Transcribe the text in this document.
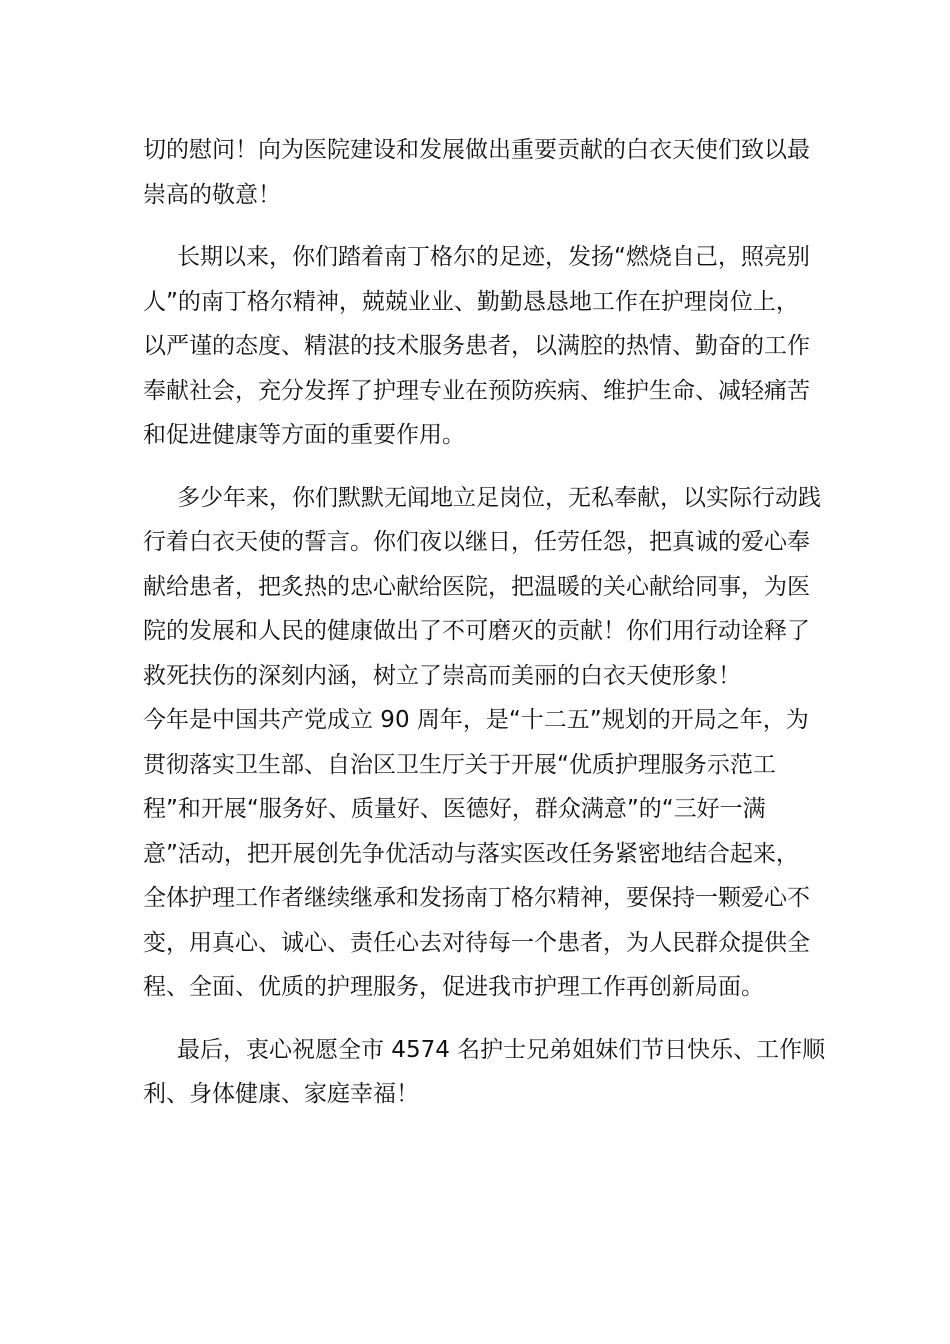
切的慰问！向为医院建设和发展做出重要贡献的白衣天使们致以最
崇高的敬意！
长期以来，你们踏着南丁格尔的足迹，发扬“燃烧自己，照亮别
人”的南丁格尔精神，兢兢业业、勤勤恳恳地工作在护理岗位上，
以严谨的态度、精湛的技术服务患者，以满腔的热情、勤奋的工作
奉献社会，充分发挥了护理专业在预防疾病、维护生命、减轻痛苦
和促进健康等方面的重要作用。
多少年来，你们默默无闻地立足岗位，无私奉献，以实际行动践
行着白衣天使的誓言。你们夜以继日，任劳任怨，把真诚的爱心奉
献给患者，把炙热的忠心献给医院，把温暖的关心献给同事，为医
院的发展和人民的健康做出了不可磨灭的贡献！你们用行动诠释了
救死扶伤的深刻内涵，树立了崇高而美丽的白衣天使形象！
今年是中国共产党成立 90 周年，是“十二五”规划的开局之年，为
贯彻落实卫生部、自治区卫生厅关于开展“优质护理服务示范工
程”和开展“服务好、质量好、医德好，群众满意”的“三好一满
意”活动，把开展创先争优活动与落实医改任务紧密地结合起来，
全体护理工作者继续继承和发扬南丁格尔精神，要保持一颗爱心不
变，用真心、诚心、责任心去对待每一个患者，为人民群众提供全
程、全面、优质的护理服务，促进我市护理工作再创新局面。
最后，衷心祝愿全市 4574 名护士兄弟姐妹们节日快乐、工作顺
利、身体健康、家庭幸福！
